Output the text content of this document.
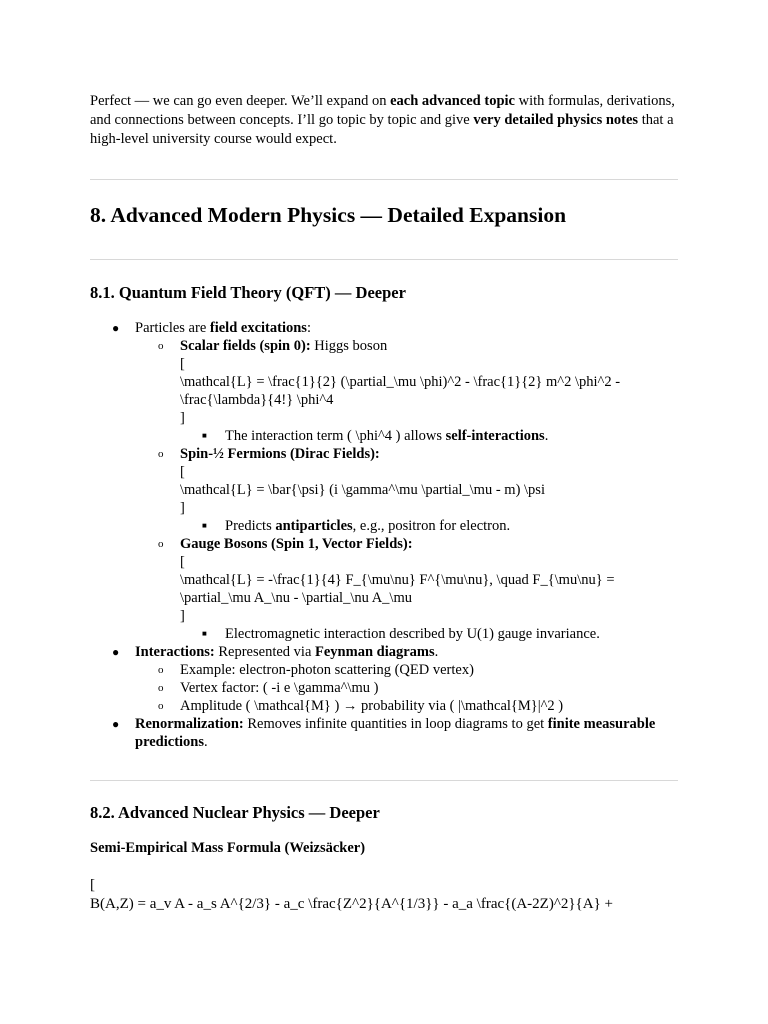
Perfect — we can go even deeper. We’ll expand on each advanced topic with formulas, derivations, and connections between concepts. I’ll go topic by topic and give very detailed physics notes that a high-level university course would expect.

8. Advanced Modern Physics — Detailed Expansion
8.1. Quantum Field Theory (QFT) — Deeper
● Particles are field excitations:
o Scalar fields (spin 0): Higgs boson
[
\mathcal{L} = \frac{1}{2} (\partial_\mu \phi)^2 - \frac{1}{2} m^2 \phi^2 -
\frac{\lambda}{4!} \phi^4
]
■ The interaction term ( \phi^4 ) allows self-interactions.
o Spin-½ Fermions (Dirac Fields):
[
\mathcal{L} = \bar{\psi} (i \gamma^\mu \partial_\mu - m) \psi
]
■ Predicts antiparticles, e.g., positron for electron.
o Gauge Bosons (Spin 1, Vector Fields):
[
\mathcal{L} = -\frac{1}{4} F_{\mu\nu} F^{\mu\nu}, \quad F_{\mu\nu} =
\partial_\mu A_\nu - \partial_\nu A_\mu
]
■ Electromagnetic interaction described by U(1) gauge invariance.
● Interactions: Represented via Feynman diagrams.
o Example: electron-photon scattering (QED vertex)
o Vertex factor: ( -i e \gamma^\mu )
o Amplitude ( \mathcal{M} ) → probability via ( |\mathcal{M}|^2 )
● Renormalization: Removes infinite quantities in loop diagrams to get finite measurable predictions.
8.2. Advanced Nuclear Physics — Deeper

Semi-Empirical Mass Formula (Weizsäcker)

[
B(A,Z) = a_v A - a_s A^{2/3} - a_c \frac{Z^2}{A^{1/3}} - a_a \frac{(A-2Z)^2}{A} +
